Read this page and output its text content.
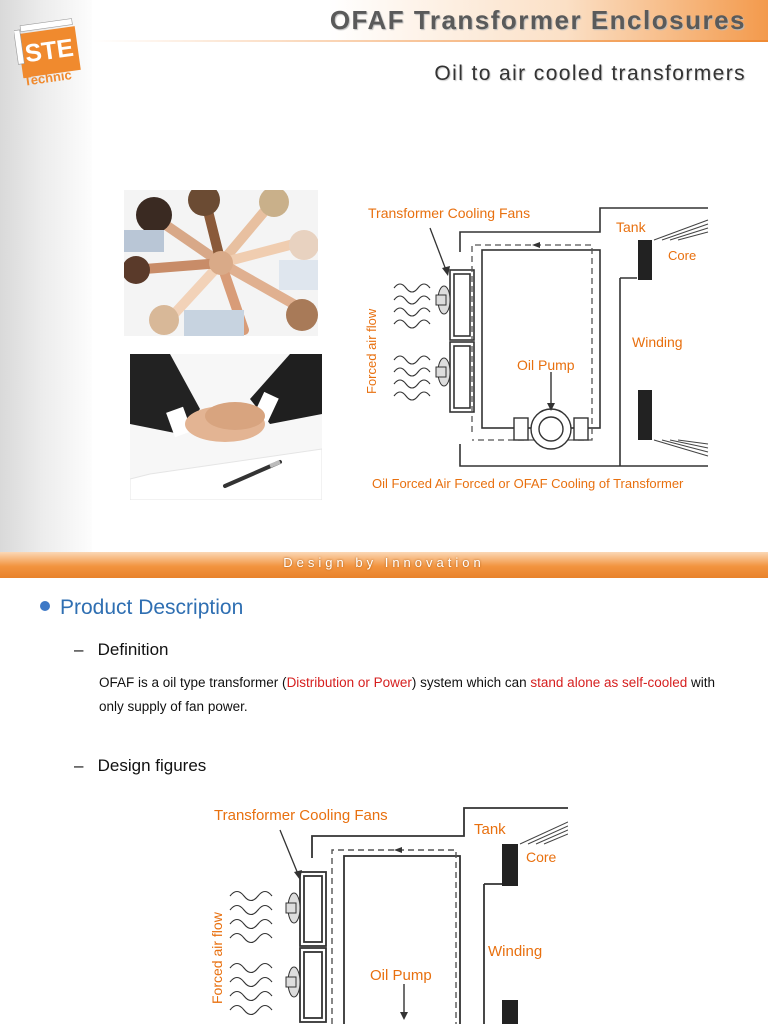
OFAF Transformer Enclosures
Oil to air cooled transformers
STE
Technic
Transformer Cooling Fans
Tank
Core
Winding
Oil Pump
Oil Forced Air Forced or OFAF Cooling of Transformer
Forced air flow
Design by Innovation
Product Description
–   Definition
OFAF is a oil type transformer (Distribution or Power) system which can stand alone as self-cooled with only supply of fan power.
–   Design figures
Transformer Cooling Fans
Tank
Core
Winding
Oil Pump
Forced air flow
